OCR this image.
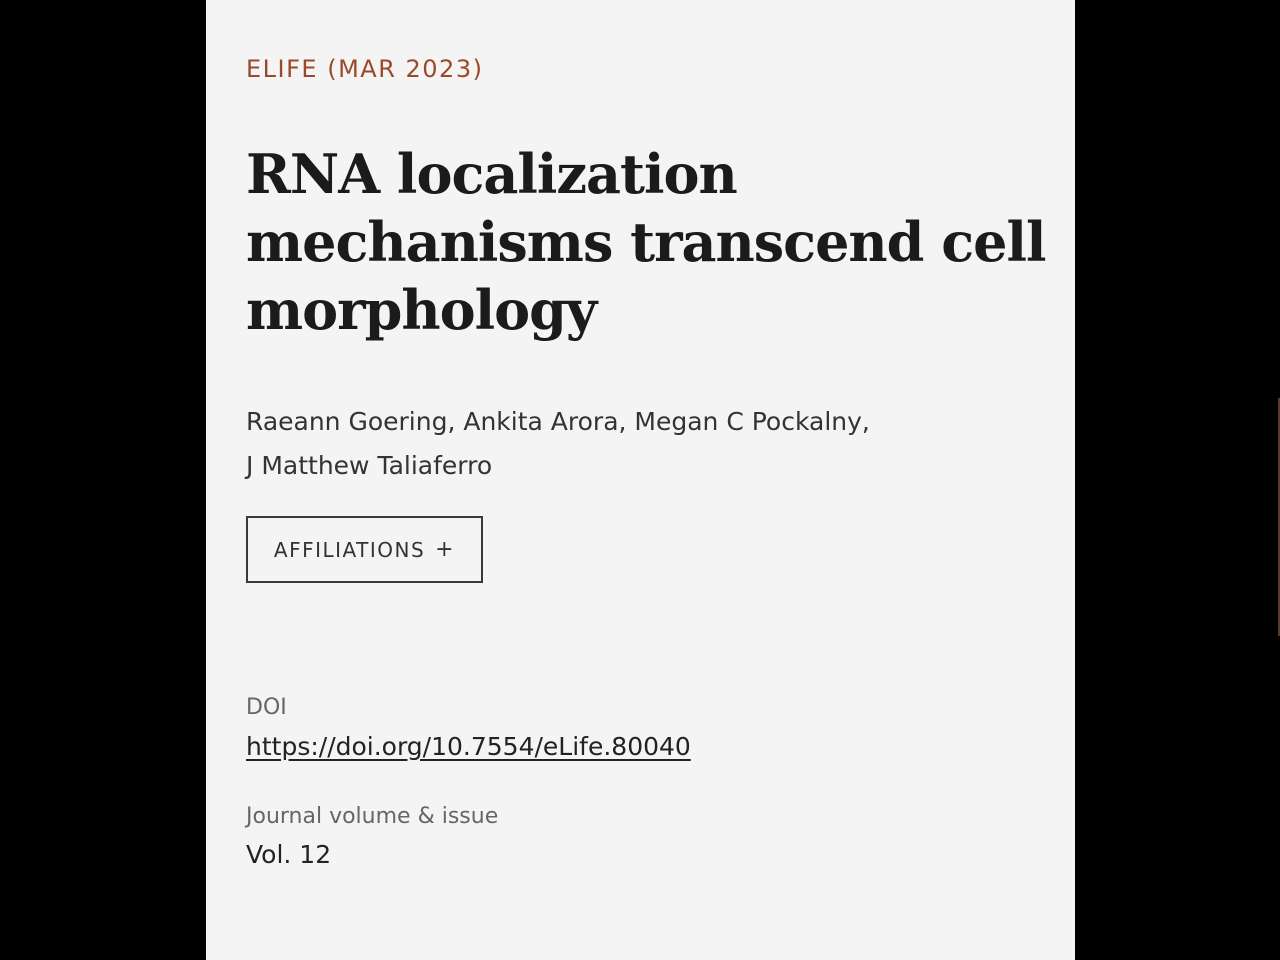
ELIFE (MAR 2023)
RNA localization mechanisms transcend cell morphology
Raeann Goering, Ankita Arora, Megan C Pockalny,
J Matthew Taliaferro
AFFILIATIONS +
DOI
https://doi.org/10.7554/eLife.80040
Journal volume & issue
Vol. 12
